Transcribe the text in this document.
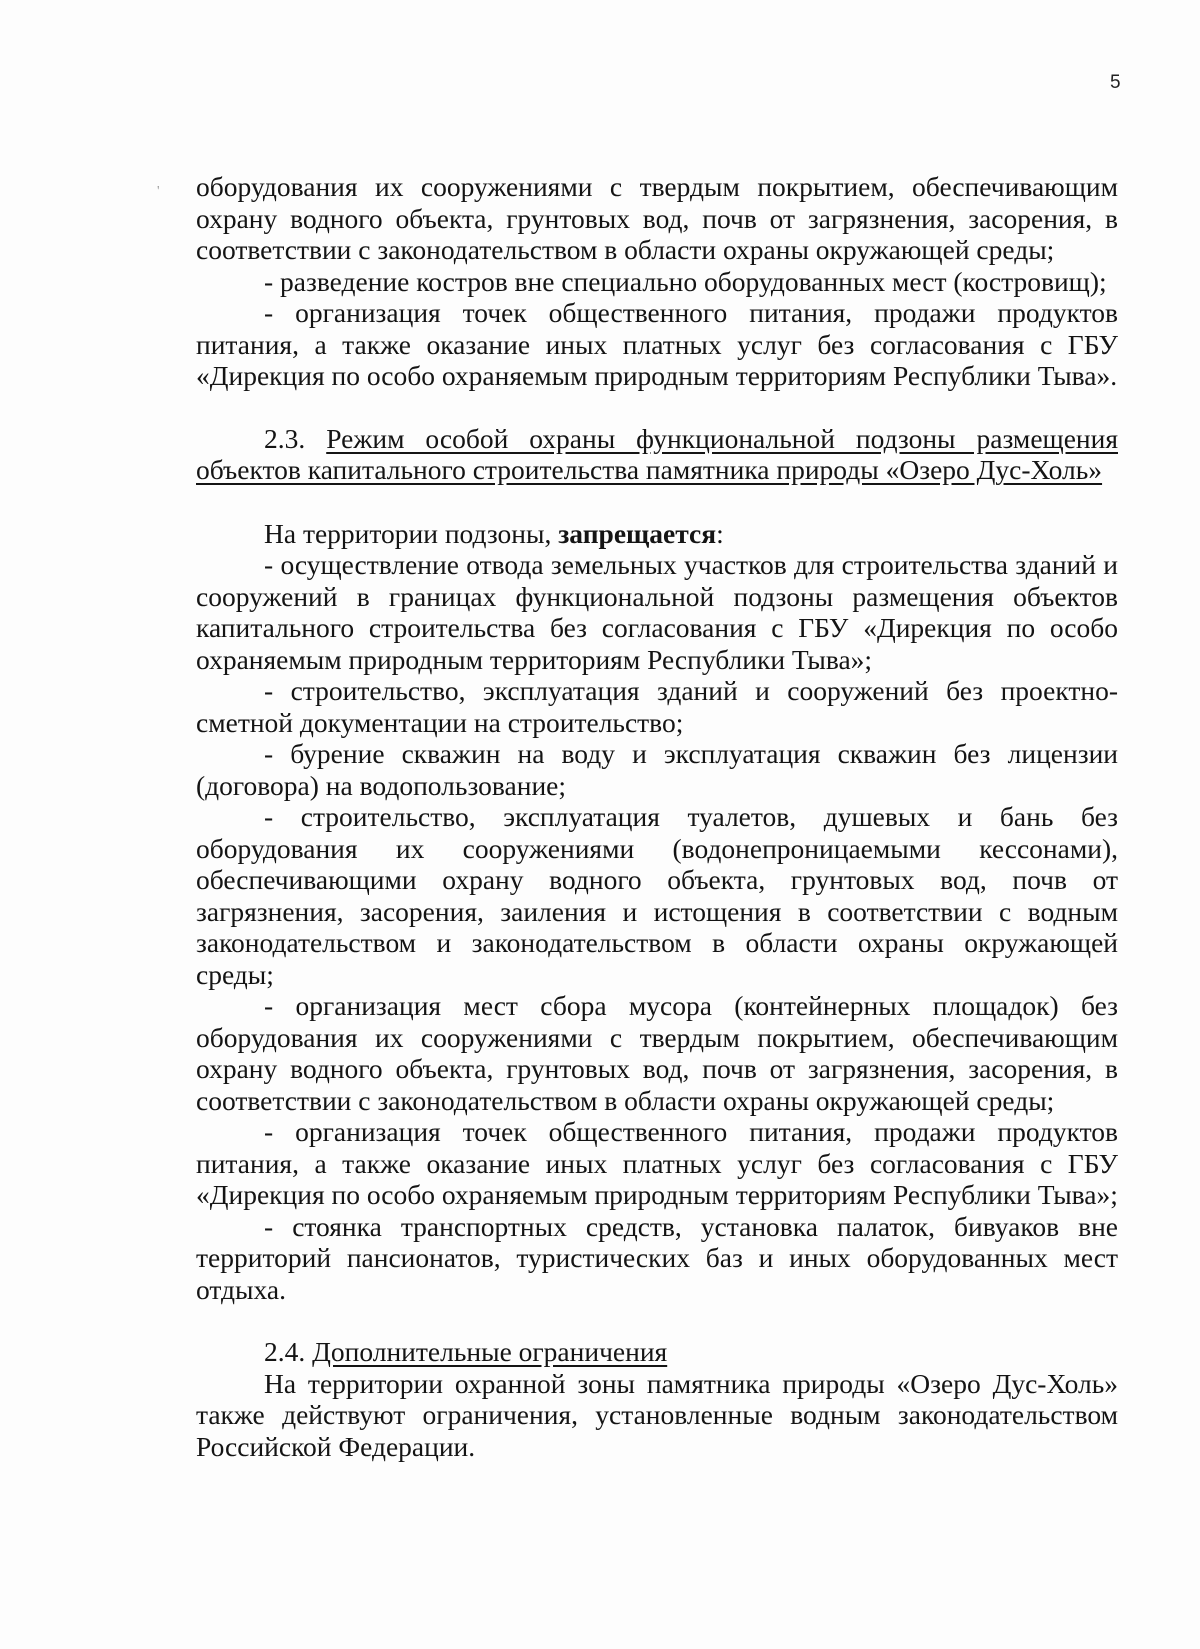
5
' оборудования их сооружениями с твердым покрытием, обеспечивающим охрану водного объекта, грунтовых вод, почв от загрязнения, засорения, в соответствии с законодательством в области охраны окружающей среды;

- разведение костров вне специально оборудованных мест (костровищ);

- организация точек общественного питания, продажи продуктов питания, а также оказание иных платных услуг без согласования с ГБУ «Дирекция по особо охраняемым природным территориям Республики Тыва».

2.3. Режим особой охраны функциональной подзоны размещения объектов капитального строительства памятника природы «Озеро Дус-Холь»

На территории подзоны, запрещается:

- осуществление отвода земельных участков для строительства зданий и сооружений в границах функциональной подзоны размещения объектов капитального строительства без согласования с ГБУ «Дирекция по особо охраняемым природным территориям Республики Тыва»;

- строительство, эксплуатация зданий и сооружений без проектно-сметной документации на строительство;

- бурение скважин на воду и эксплуатация скважин без лицензии (договора) на водопользование;

- строительство, эксплуатация туалетов, душевых и бань без оборудования их сооружениями (водонепроницаемыми кессонами), обеспечивающими охрану водного объекта, грунтовых вод, почв от загрязнения, засорения, заиления и истощения в соответствии с водным законодательством и законодательством в области охраны окружающей среды;

- организация мест сбора мусора (контейнерных площадок) без оборудования их сооружениями с твердым покрытием, обеспечивающим охрану водного объекта, грунтовых вод, почв от загрязнения, засорения, в соответствии с законодательством в области охраны окружающей среды;

- организация точек общественного питания, продажи продуктов питания, а также оказание иных платных услуг без согласования с ГБУ «Дирекция по особо охраняемым природным территориям Республики Тыва»;

- стоянка транспортных средств, установка палаток, бивуаков вне территорий пансионатов, туристических баз и иных оборудованных мест отдыха.

2.4. Дополнительные ограничения

На территории охранной зоны памятника природы «Озеро Дус-Холь» также действуют ограничения, установленные водным законодательством Российской Федерации.
